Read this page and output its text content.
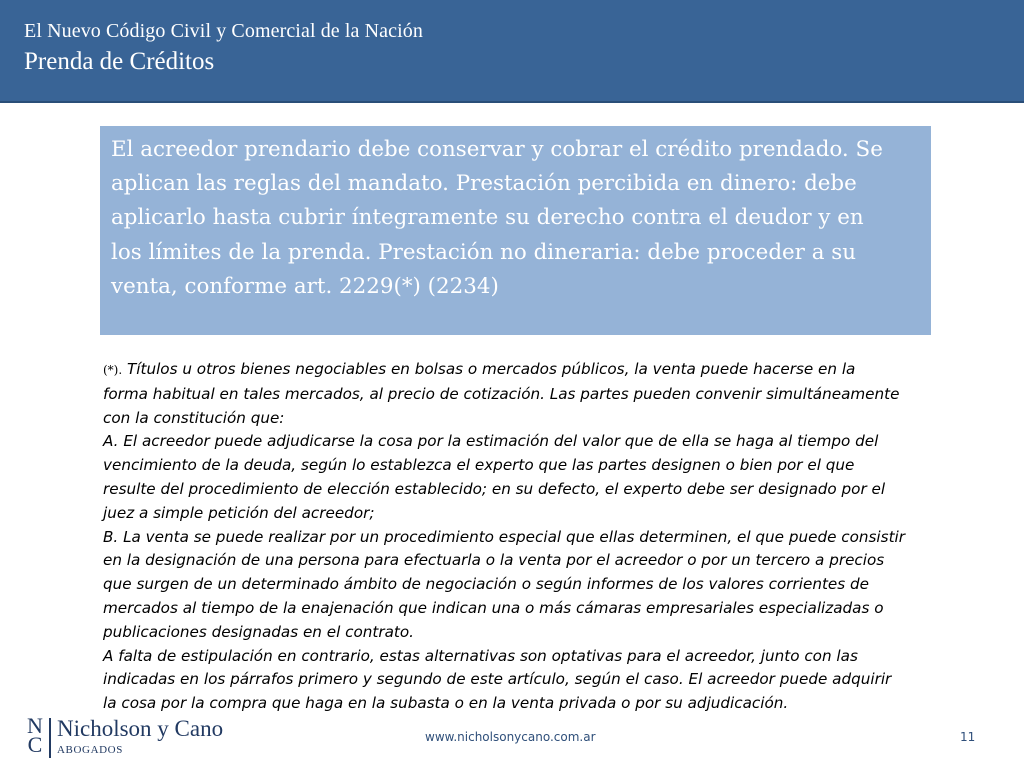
El Nuevo Código Civil y Comercial de la Nación
Prenda de Créditos

El acreedor prendario debe conservar y cobrar el crédito prendado. Se
aplican las reglas del mandato. Prestación percibida en dinero: debe
aplicarlo hasta cubrir íntegramente su derecho contra el deudor y en
los límites de la prenda. Prestación no dineraria: debe proceder a su
venta, conforme art. 2229(*) (2234)

(*). Títulos u otros bienes negociables en bolsas o mercados públicos, la venta puede hacerse en la
forma habitual en tales mercados, al precio de cotización. Las partes pueden convenir simultáneamente
con la constitución que:
A. El acreedor puede adjudicarse la cosa por la estimación del valor que de ella se haga al tiempo del
vencimiento de la deuda, según lo establezca el experto que las partes designen o bien por el que
resulte del procedimiento de elección establecido; en su defecto, el experto debe ser designado por el
juez a simple petición del acreedor;
B. La venta se puede realizar por un procedimiento especial que ellas determinen, el que puede consistir
en la designación de una persona para efectuarla o la venta por el acreedor o por un tercero a precios
que surgen de un determinado ámbito de negociación o según informes de los valores corrientes de
mercados al tiempo de la enajenación que indican una o más cámaras empresariales especializadas o
publicaciones designadas en el contrato.
A falta de estipulación en contrario, estas alternativas son optativas para el acreedor, junto con las
indicadas en los párrafos primero y segundo de este artículo, según el caso. El acreedor puede adquirir
la cosa por la compra que haga en la subasta o en la venta privada o por su adjudicación.
N
C
Nicholson y Cano
ABOGADOS
www.nicholsonycano.com.ar	11
